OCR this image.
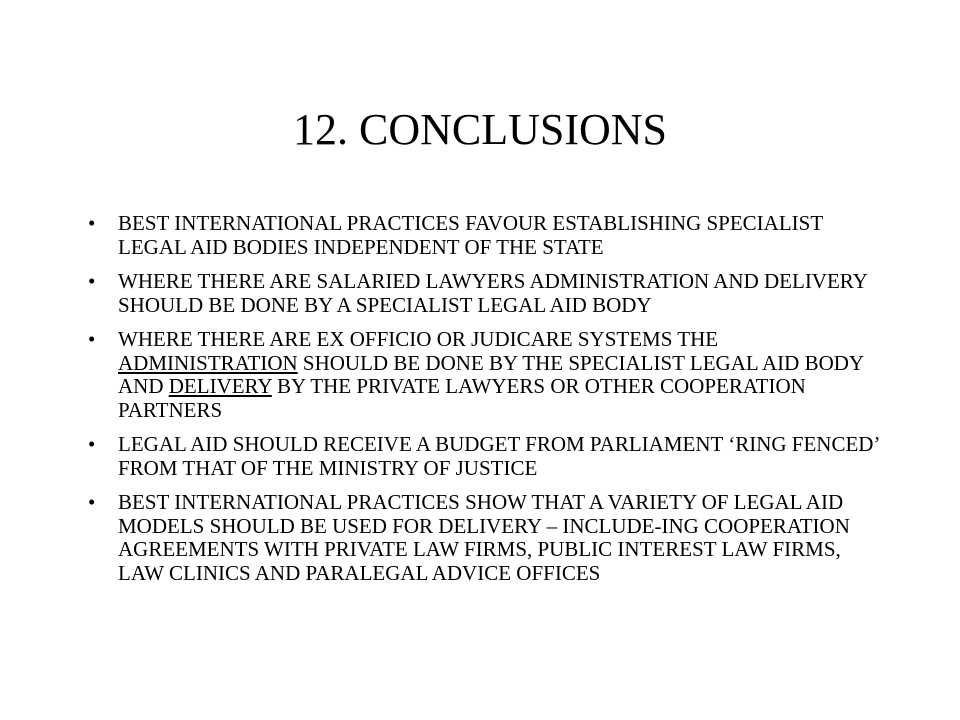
12. CONCLUSIONS
•	BEST INTERNATIONAL PRACTICES FAVOUR ESTABLISHING SPECIALIST LEGAL AID BODIES INDEPENDENT OF THE STATE
•	WHERE THERE ARE SALARIED LAWYERS ADMINISTRATION AND DELIVERY SHOULD BE DONE BY A SPECIALIST LEGAL AID BODY
•	WHERE THERE ARE EX OFFICIO OR JUDICARE SYSTEMS THE ADMINISTRATION SHOULD BE DONE BY THE SPECIALIST LEGAL AID BODY AND DELIVERY BY THE PRIVATE LAWYERS OR OTHER COOPERATION PARTNERS
•	LEGAL AID SHOULD RECEIVE A BUDGET FROM PARLIAMENT ‘RING FENCED’ FROM THAT OF THE MINISTRY OF JUSTICE
•	BEST INTERNATIONAL PRACTICES SHOW THAT A VARIETY OF LEGAL AID MODELS SHOULD BE USED FOR DELIVERY – INCLUDE-ING COOPERATION AGREEMENTS WITH PRIVATE LAW FIRMS, PUBLIC INTEREST LAW FIRMS, LAW CLINICS AND PARALEGAL ADVICE OFFICES
